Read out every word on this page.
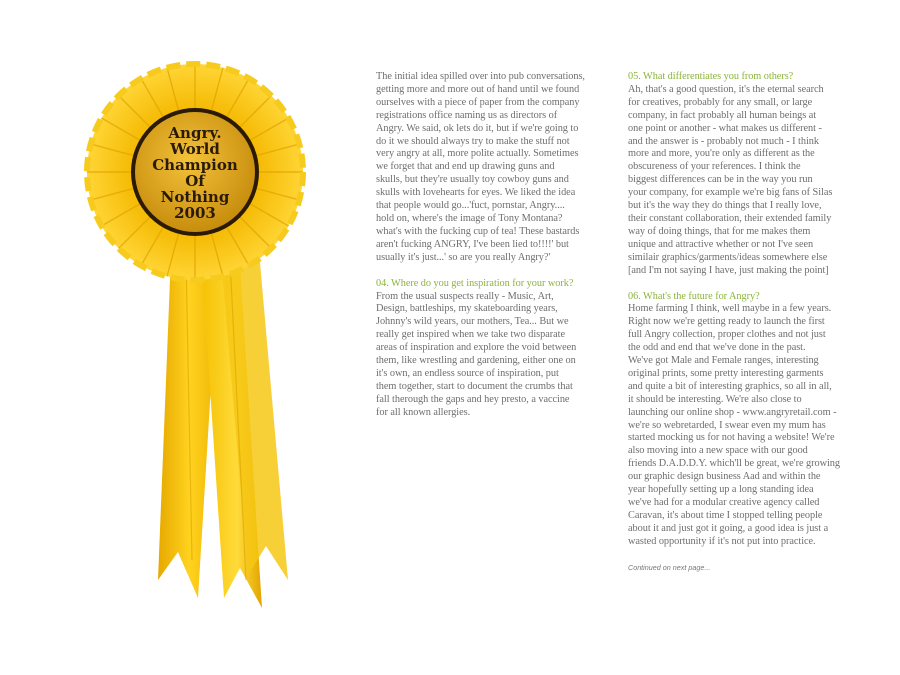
Angry.
World
Champion
Of
Nothing
2003

The initial idea spilled over into pub conversations,
getting more and more out of hand until we found
ourselves with a piece of paper from the company
registrations office naming us as directors of
Angry. We said, ok lets do it, but if we're going to
do it we should always try to make the stuff not
very angry at all, more polite actually. Sometimes
we forget that and end up drawing guns and
skulls, but they're usually toy cowboy guns and
skulls with lovehearts for eyes. We liked the idea
that people would go...'fuct, pornstar, Angry....
hold on, where's the image of Tony Montana?
what's with the fucking cup of tea! These bastards
aren't fucking ANGRY, I've been lied to!!!!' but
usually it's just...' so are you really Angry?'

04. Where do you get inspiration for your work?

From the usual suspects really - Music, Art,
Design, battleships, my skateboarding years,
Johnny's wild years, our mothers, Tea... But we
really get inspired when we take two disparate
areas of inspiration and explore the void between
them, like wrestling and gardening, either one on
it's own, an endless source of inspiration, put
them together, start to document the crumbs that
fall therough the gaps and hey presto, a vaccine
for all known allergies.

05. What differentiates you from others?

Ah, that's a good question, it's the eternal search
for creatives, probably for any small, or large
company, in fact probably all human beings at
one point or another - what makes us different -
and the answer is - probably not much - I think
more and more, you're only as different as the
obscureness of your references. I think the
biggest differences can be in the way you run
your company, for example we're big fans of Silas
but it's the way they do things that I really love,
their constant collaboration, their extended family
way of doing things, that for me makes them
unique and attractive whether or not I've seen
similair graphics/garments/ideas somewhere else
[and I'm not saying I have, just making the point]

06. What's the future for Angry?

Home farming I think, well maybe in a few years.
Right now we're getting ready to launch the first
full Angry collection, proper clothes and not just
the odd and end that we've done in the past.
We've got Male and Female ranges, interesting
original prints, some pretty interesting garments
and quite a bit of interesting graphics, so all in all,
it should be interesting. We're also close to
launching our online shop - www.angryretail.com -
we're so webretarded, I swear even my mum has
started mocking us for not having a website! We're
also moving into a new space with our good
friends D.A.D.D.Y. which'll be great, we're growing
our graphic design business Aad and within the
year hopefully setting up a long standing idea
we've had for a modular creative agency called
Caravan, it's about time I stopped telling people
about it and just got it going, a good idea is just a
wasted opportunity if it's not put into practice.

Continued on next page...
